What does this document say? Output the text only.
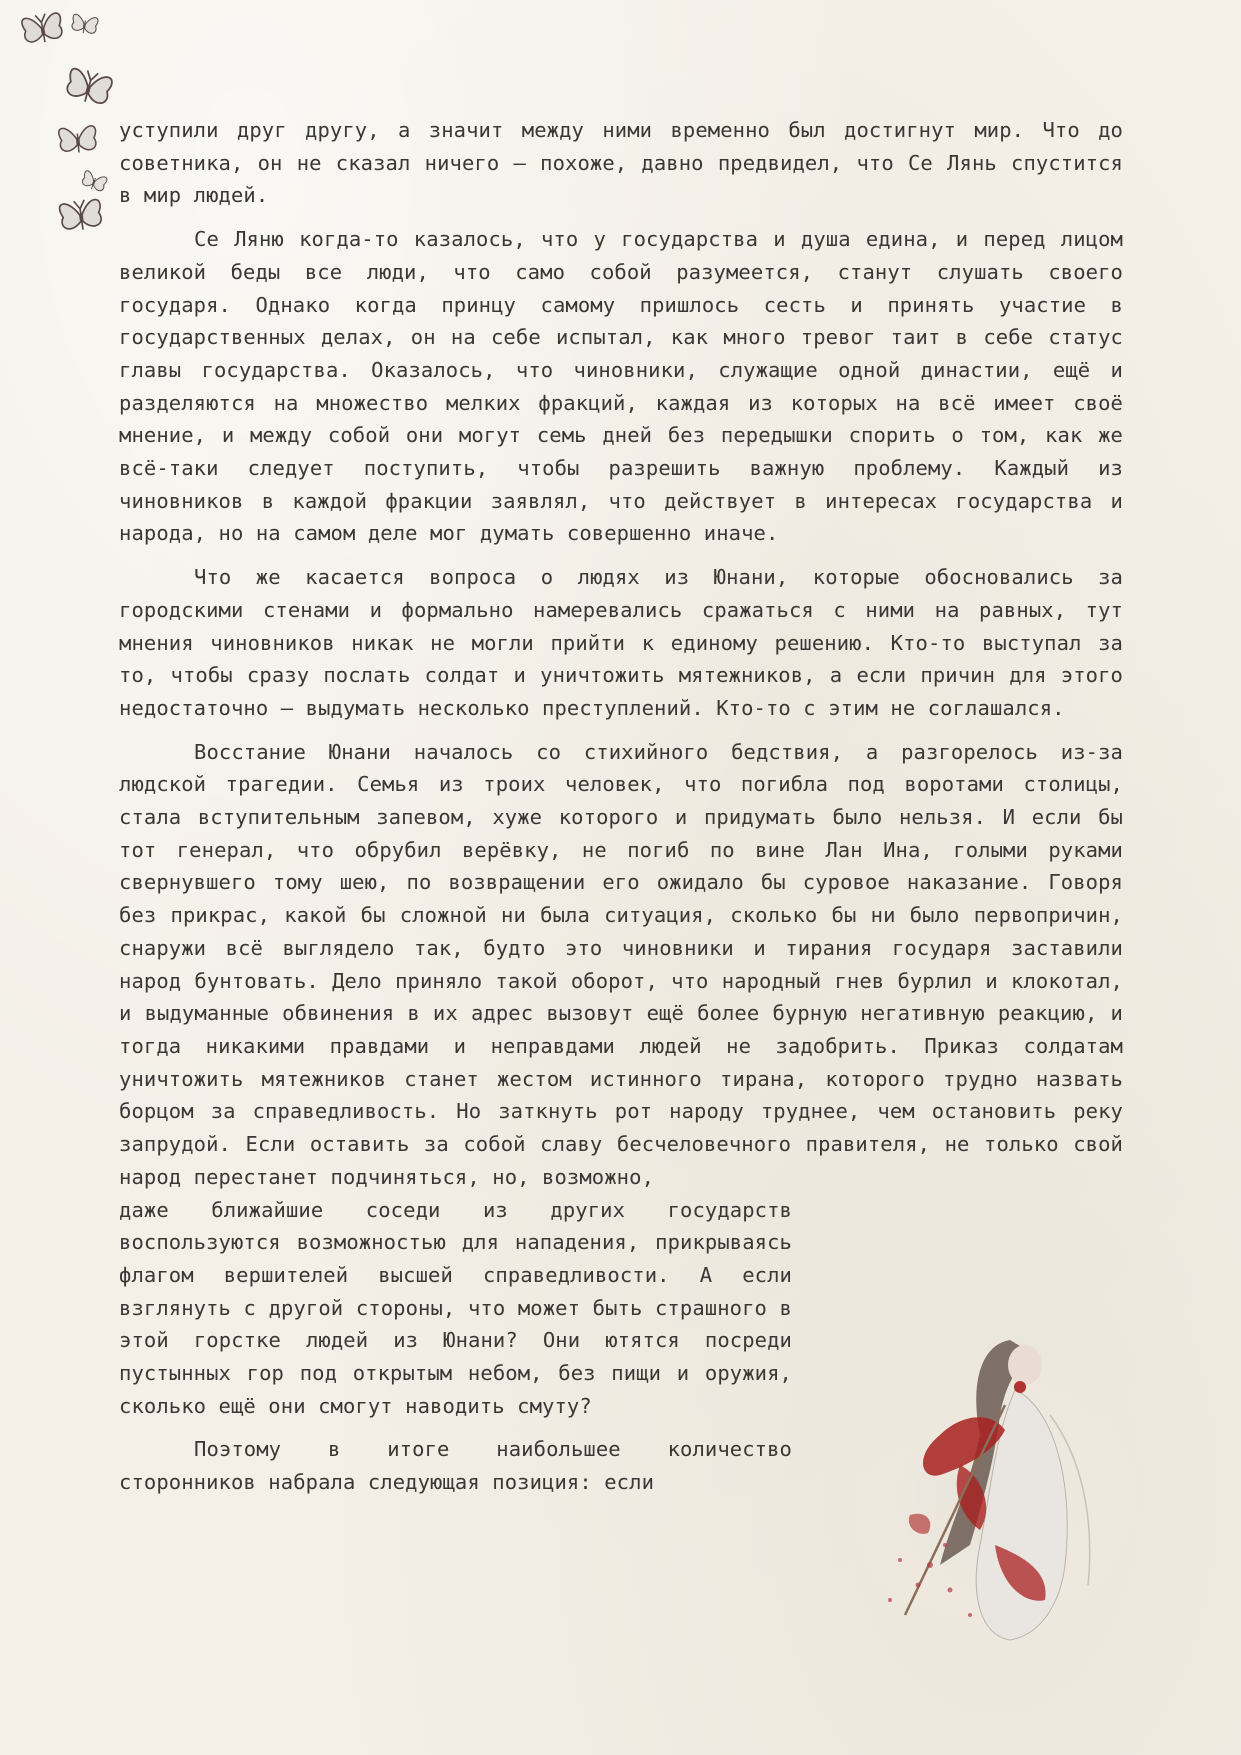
уступили друг другу, а значит между ними временно был достигнут мир. Что до советника, он не сказал ничего — похоже, давно предвидел, что Се Лянь спустится в мир людей.

Се Ляню когда-то казалось, что у государства и душа едина, и перед лицом великой беды все люди, что само собой разумеется, станут слушать своего государя. Однако когда принцу самому пришлось сесть и принять участие в государственных делах, он на себе испытал, как много тревог таит в себе статус главы государства. Оказалось, что чиновники, служащие одной династии, ещё и разделяются на множество мелких фракций, каждая из которых на всё имеет своё мнение, и между собой они могут семь дней без передышки спорить о том, как же всё-таки следует поступить, чтобы разрешить важную проблему. Каждый из чиновников в каждой фракции заявлял, что действует в интересах государства и народа, но на самом деле мог думать совершенно иначе.

Что же касается вопроса о людях из Юнани, которые обосновались за городскими стенами и формально намеревались сражаться с ними на равных, тут мнения чиновников никак не могли прийти к единому решению. Кто-то выступал за то, чтобы сразу послать солдат и уничтожить мятежников, а если причин для этого недостаточно — выдумать несколько преступлений. Кто-то с этим не соглашался.

Восстание Юнани началось со стихийного бедствия, а разгорелось из-за людской трагедии. Семья из троих человек, что погибла под воротами столицы, стала вступительным запевом, хуже которого и придумать было нельзя. И если бы тот генерал, что обрубил верёвку, не погиб по вине Лан Ина, голыми руками свернувшего тому шею, по возвращении его ожидало бы суровое наказание. Говоря без прикрас, какой бы сложной ни была ситуация, сколько бы ни было первопричин, снаружи всё выглядело так, будто это чиновники и тирания государя заставили народ бунтовать. Дело приняло такой оборот, что народный гнев бурлил и клокотал, и выдуманные обвинения в их адрес вызовут ещё более бурную негативную реакцию, и тогда никакими правдами и неправдами людей не задобрить. Приказ солдатам уничтожить мятежников станет жестом истинного тирана, которого трудно назвать борцом за справедливость. Но заткнуть рот народу труднее, чем остановить реку запрудой. Если оставить за собой славу бесчеловечного правителя, не только свой народ перестанет подчиняться, но, возможно,

даже ближайшие соседи из других государств воспользуются возможностью для нападения, прикрываясь флагом вершителей высшей справедливости. А если взглянуть с другой стороны, что может быть страшного в этой горстке людей из Юнани? Они ютятся посреди пустынных гор под открытым небом, без пищи и оружия, сколько ещё они смогут наводить смуту?

Поэтому в итоге наибольшее количество сторонников набрала следующая позиция: если
